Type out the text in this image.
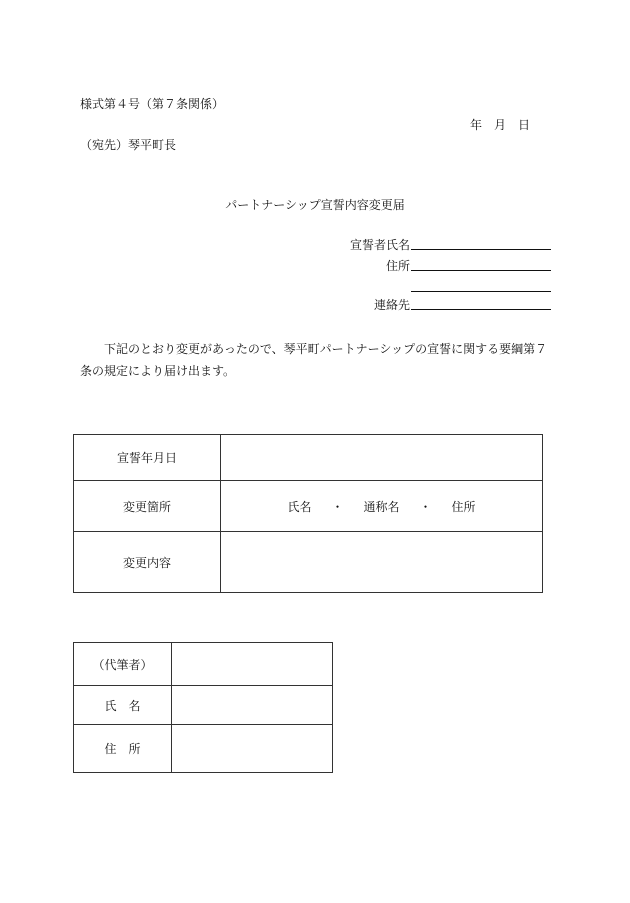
様式第４号（第７条関係）
年 月 日
（宛先）琴平町長
パートナーシップ宣誓内容変更届
宣誓者氏名
住所
連絡先
下記のとおり変更があったので、琴平町パートナーシップの宣誓に関する要綱第７条の規定により届け出ます。
宣誓年月日	
変更箇所	氏名 ・ 通称名 ・ 住所
変更内容	
（代筆者）	
氏　名	
住　所	
